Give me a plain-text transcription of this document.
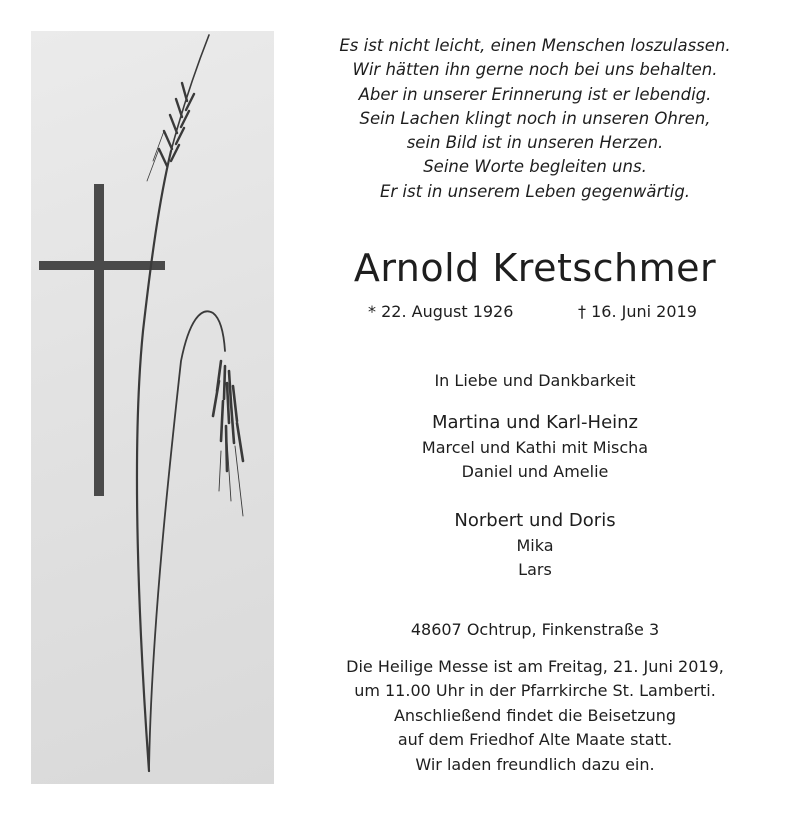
Es ist nicht leicht, einen Menschen loszulassen.
Wir hätten ihn gerne noch bei uns behalten.
Aber in unserer Erinnerung ist er lebendig.
Sein Lachen klingt noch in unseren Ohren,
sein Bild ist in unseren Herzen.
Seine Worte begleiten uns.
Er ist in unserem Leben gegenwärtig.
Arnold Kretschmer
* 22. August 1926	† 16. Juni 2019
In Liebe und Dankbarkeit
Martina und Karl-Heinz
Marcel und Kathi mit Mischa
Daniel und Amelie
Norbert und Doris
Mika
Lars
48607 Ochtrup, Finkenstraße 3
Die Heilige Messe ist am Freitag, 21. Juni 2019,
um 11.00 Uhr in der Pfarrkirche St. Lamberti.
Anschließend findet die Beisetzung
auf dem Friedhof Alte Maate statt.
Wir laden freundlich dazu ein.
